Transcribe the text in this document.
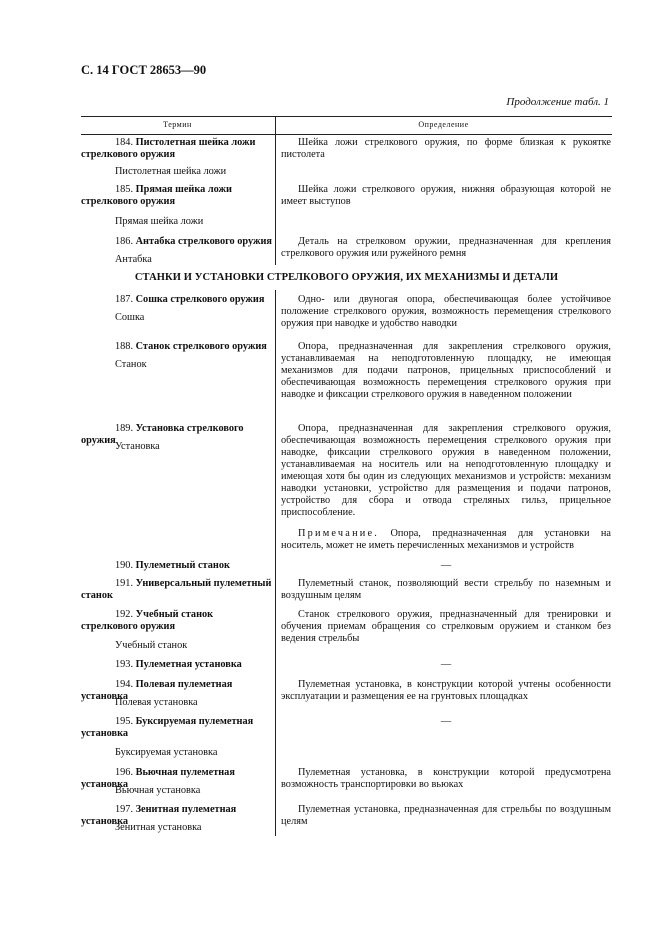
С. 14 ГОСТ 28653—90
Продолжение табл. 1
Термин	Определение
184. Пистолетная шейка ложи стрелкового оружия
Пистолетная шейка ложи
Шейка ложи стрелкового оружия, по форме близкая к рукоятке пистолета
185. Прямая шейка ложи стрелкового оружия
Прямая шейка ложи
Шейка ложи стрелкового оружия, нижняя образующая которой не имеет выступов
186. Антабка стрелкового оружия
Антабка
Деталь на стрелковом оружии, предназначенная для крепления стрелкового оружия или ружейного ремня
СТАНКИ И УСТАНОВКИ СТРЕЛКОВОГО ОРУЖИЯ, ИХ МЕХАНИЗМЫ И ДЕТАЛИ
187. Сошка стрелкового оружия
Сошка
Одно- или двуногая опора, обеспечивающая более устойчивое положение стрелкового оружия, возможность перемещения стрелкового оружия при наводке и удобство наводки
188. Станок стрелкового оружия
Станок
Опора, предназначенная для закрепления стрелкового оружия, устанавливаемая на неподготовленную площадку, не имеющая механизмов для подачи патронов, прицельных приспособлений и обеспечивающая возможность перемещения стрелкового оружия при наводке и фиксации стрелкового оружия в наведенном положении
189. Установка стрелкового оружия
Установка
Опора, предназначенная для закрепления стрелкового оружия, обеспечивающая возможность перемещения стрелкового оружия при наводке, фиксации стрелкового оружия в наведенном положении, устанавливаемая на носитель или на неподготовленную площадку и имеющая хотя бы один из следующих механизмов и устройств: механизм наводки установки, устройство для размещения и подачи патронов, устройство для сбора и отвода стреляных гильз, прицельное приспособление.
Примечание. Опора, предназначенная для установки на носитель, может не иметь перечисленных механизмов и устройств
190. Пулеметный станок	—
191. Универсальный пулеметный станок
Пулеметный станок, позволяющий вести стрельбу по наземным и воздушным целям
192. Учебный станок стрелкового оружия
Учебный станок
Станок стрелкового оружия, предназначенный для тренировки и обучения приемам обращения со стрелковым оружием и станком без ведения стрельбы
193. Пулеметная установка	—
194. Полевая пулеметная установка
Полевая установка
Пулеметная установка, в конструкции которой учтены особенности эксплуатации и размещения ее на грунтовых площадках
195. Буксируемая пулеметная установка
Буксируемая установка
—
196. Вьючная пулеметная установка
Вьючная установка
Пулеметная установка, в конструкции которой предусмотрена возможность транспортировки во вьюках
197. Зенитная пулеметная установка
Зенитная установка
Пулеметная установка, предназначенная для стрельбы по воздушным целям
